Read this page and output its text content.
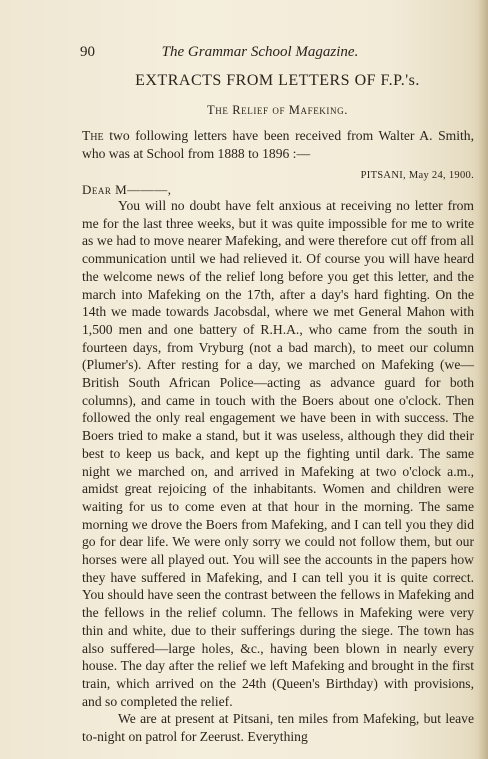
90	The Grammar School Magazine.
EXTRACTS FROM LETTERS OF F.P.'s.
The Relief of Mafeking.
The two following letters have been received from Walter A. Smith, who was at School from 1888 to 1896 :—
PITSANI, May 24, 1900.
Dear M———,

You will no doubt have felt anxious at receiving no letter from me for the last three weeks, but it was quite impossible for me to write as we had to move nearer Mafeking, and were therefore cut off from all communication until we had relieved it. Of course you will have heard the welcome news of the relief long before you get this letter, and the march into Mafeking on the 17th, after a day's hard fighting. On the 14th we made towards Jacobsdal, where we met General Mahon with 1,500 men and one battery of R.H.A., who came from the south in fourteen days, from Vryburg (not a bad march), to meet our column (Plumer's). After resting for a day, we marched on Mafeking (we—British South African Police—acting as advance guard for both columns), and came in touch with the Boers about one o'clock. Then followed the only real engagement we have been in with success. The Boers tried to make a stand, but it was useless, although they did their best to keep us back, and kept up the fighting until dark. The same night we marched on, and arrived in Mafeking at two o'clock a.m., amidst great rejoicing of the inhabitants. Women and children were waiting for us to come even at that hour in the morning. The same morning we drove the Boers from Mafeking, and I can tell you they did go for dear life. We were only sorry we could not follow them, but our horses were all played out. You will see the accounts in the papers how they have suffered in Mafeking, and I can tell you it is quite correct. You should have seen the contrast between the fellows in Mafeking and the fellows in the relief column. The fellows in Mafeking were very thin and white, due to their sufferings during the siege. The town has also suffered—large holes, &c., having been blown in nearly every house. The day after the relief we left Mafeking and brought in the first train, which arrived on the 24th (Queen's Birthday) with provisions, and so completed the relief.

We are at present at Pitsani, ten miles from Mafeking, but leave to-night on patrol for Zeerust. Everything
